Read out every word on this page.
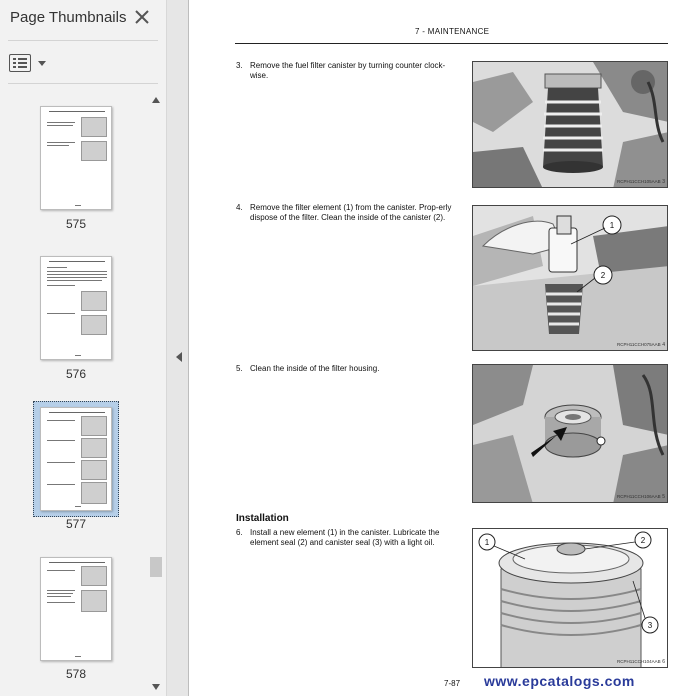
Page Thumbnails
575
576
577
578
7 - MAINTENANCE
3. Remove the fuel filter canister by turning counter clock-wise.
4. Remove the filter element (1) from the canister. Prop-erly dispose of the filter. Clean the inside of the canister (2).
5. Clean the inside of the filter housing.
Installation
6. Install a new element (1) in the canister. Lubricate the element seal (2) and canister seal (3) with a light oil.
RCPH11CCH105AAB 3
1
2
RCPH11CCH075AAB 4
RCPH11CCH106AAB 5
1	2
3
RCPH11CCH104AAB 6
7-87 www.epcatalogs.com
